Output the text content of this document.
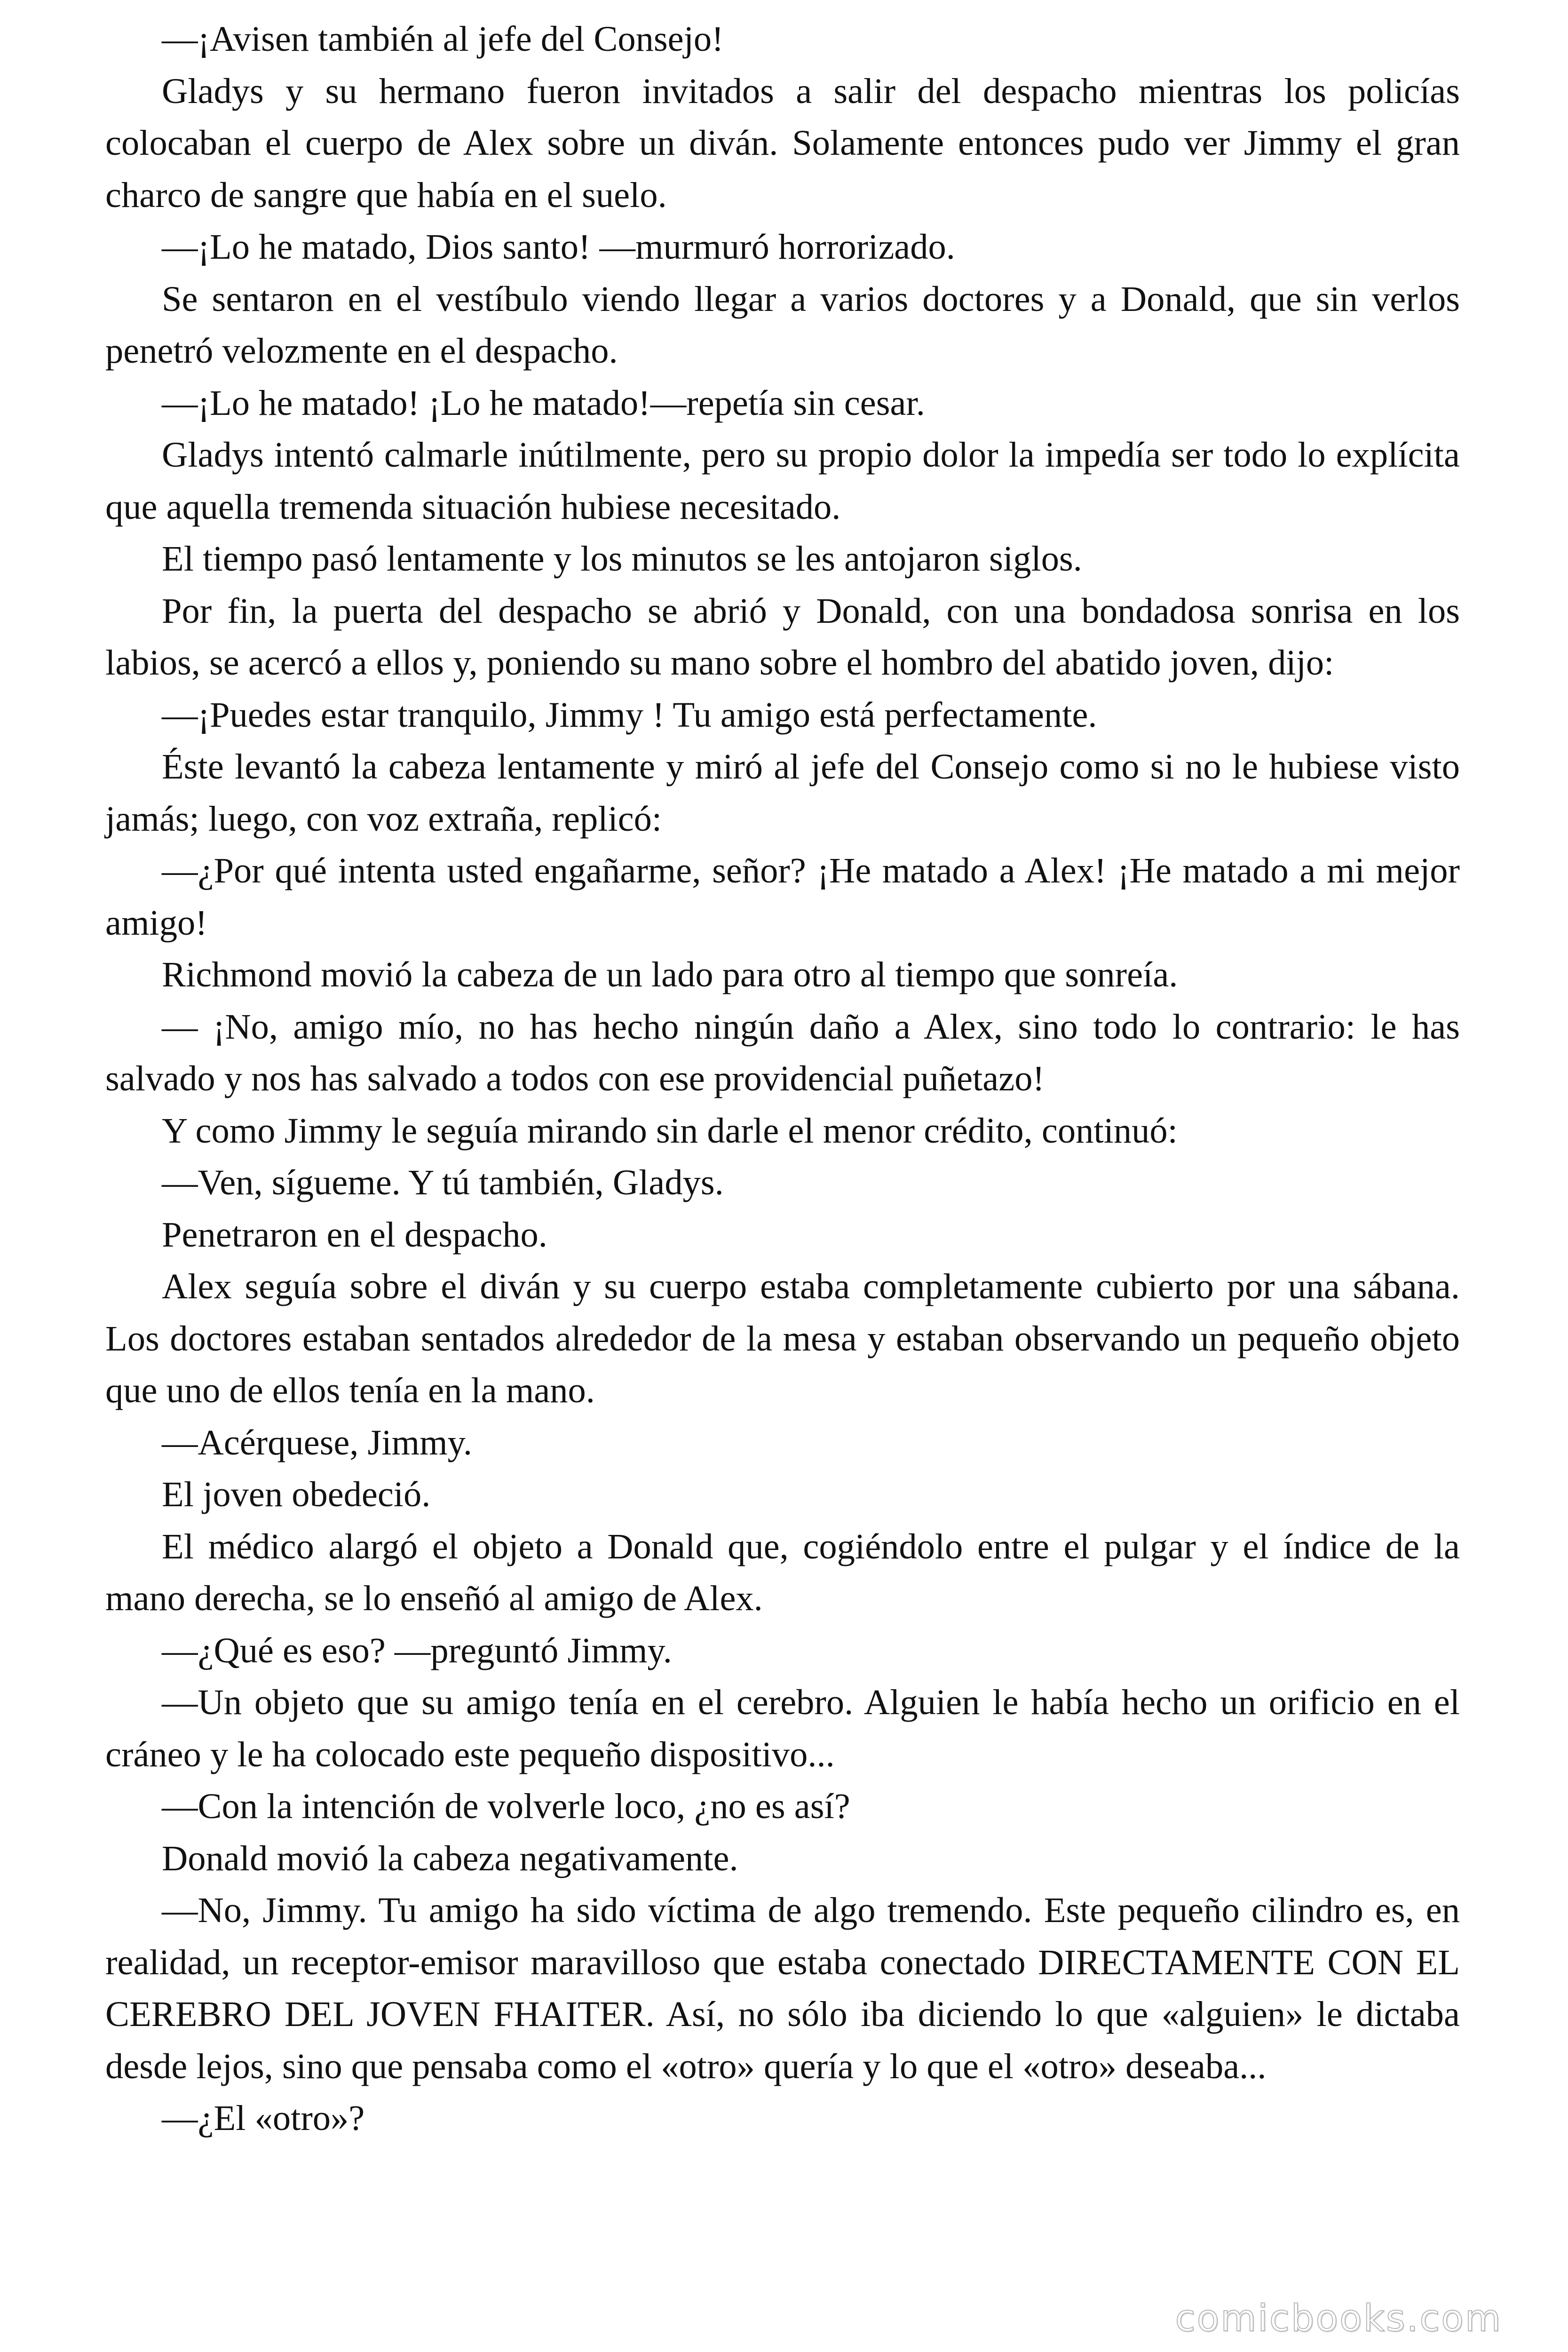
—¡Avisen también al jefe del Consejo!

Gladys y su hermano fueron invitados a salir del despacho mientras los policías colocaban el cuerpo de Alex sobre un diván. Solamente entonces pudo ver Jimmy el gran charco de sangre que había en el suelo.

—¡Lo he matado, Dios santo! —murmuró horrorizado.

Se sentaron en el vestíbulo viendo llegar a varios doctores y a Donald, que sin verlos penetró velozmente en el despacho.

—¡Lo he matado! ¡Lo he matado!—repetía sin cesar.

Gladys intentó calmarle inútilmente, pero su propio dolor la impedía ser todo lo explícita que aquella tremenda situación hubiese necesitado.

El tiempo pasó lentamente y los minutos se les antojaron siglos.

Por fin, la puerta del despacho se abrió y Donald, con una bondadosa sonrisa en los labios, se acercó a ellos y, poniendo su mano sobre el hombro del abatido joven, dijo:

—¡Puedes estar tranquilo, Jimmy ! Tu amigo está perfectamente.

Éste levantó la cabeza lentamente y miró al jefe del Consejo como si no le hubiese visto jamás; luego, con voz extraña, replicó:

—¿Por qué intenta usted engañarme, señor? ¡He matado a Alex! ¡He matado a mi mejor amigo!

Richmond movió la cabeza de un lado para otro al tiempo que sonreía.

— ¡No, amigo mío, no has hecho ningún daño a Alex, sino todo lo contrario: le has salvado y nos has salvado a todos con ese providencial puñetazo!

Y como Jimmy le seguía mirando sin darle el menor crédito, continuó:

—Ven, sígueme. Y tú también, Gladys.

Penetraron en el despacho.

Alex seguía sobre el diván y su cuerpo estaba completamente cubierto por una sábana. Los doctores estaban sentados alrededor de la mesa y estaban observando un pequeño objeto que uno de ellos tenía en la mano.

—Acérquese, Jimmy.

El joven obedeció.

El médico alargó el objeto a Donald que, cogiéndolo entre el pulgar y el índice de la mano derecha, se lo enseñó al amigo de Alex.

—¿Qué es eso? —preguntó Jimmy.

—Un objeto que su amigo tenía en el cerebro. Alguien le había hecho un orificio en el cráneo y le ha colocado este pequeño dispositivo...

—Con la intención de volverle loco, ¿no es así?

Donald movió la cabeza negativamente.

—No, Jimmy. Tu amigo ha sido víctima de algo tremendo. Este pequeño cilindro es, en realidad, un receptor-emisor maravilloso que estaba conectado DIRECTAMENTE CON EL CEREBRO DEL JOVEN FHAITER. Así, no sólo iba diciendo lo que «alguien» le dictaba desde lejos, sino que pensaba como el «otro» quería y lo que el «otro» deseaba...

—¿El «otro»?

comicbooks.com
